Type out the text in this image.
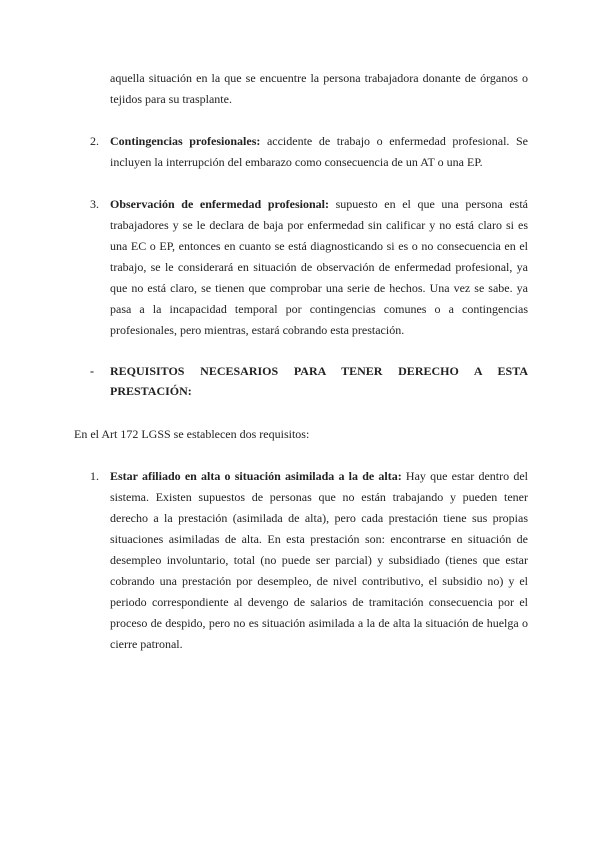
aquella situación en la que se encuentre la persona trabajadora donante de órganos o tejidos para su trasplante.

2. Contingencias profesionales: accidente de trabajo o enfermedad profesional. Se incluyen la interrupción del embarazo como consecuencia de un AT o una EP.

3. Observación de enfermedad profesional: supuesto en el que una persona está trabajadores y se le declara de baja por enfermedad sin calificar y no está claro si es una EC o EP, entonces en cuanto se está diagnosticando si es o no consecuencia en el trabajo, se le considerará en situación de observación de enfermedad profesional, ya que no está claro, se tienen que comprobar una serie de hechos. Una vez se sabe. ya pasa a la incapacidad temporal por contingencias comunes o a contingencias profesionales, pero mientras, estará cobrando esta prestación.

- REQUISITOS NECESARIOS PARA TENER DERECHO A ESTA PRESTACIÓN:

En el Art 172 LGSS se establecen dos requisitos:

1. Estar afiliado en alta o situación asimilada a la de alta: Hay que estar dentro del sistema. Existen supuestos de personas que no están trabajando y pueden tener derecho a la prestación (asimilada de alta), pero cada prestación tiene sus propias situaciones asimiladas de alta. En esta prestación son: encontrarse en situación de desempleo involuntario, total (no puede ser parcial) y subsidiado (tienes que estar cobrando una prestación por desempleo, de nivel contributivo, el subsidio no) y el periodo correspondiente al devengo de salarios de tramitación consecuencia por el proceso de despido, pero no es situación asimilada a la de alta la situación de huelga o cierre patronal.
